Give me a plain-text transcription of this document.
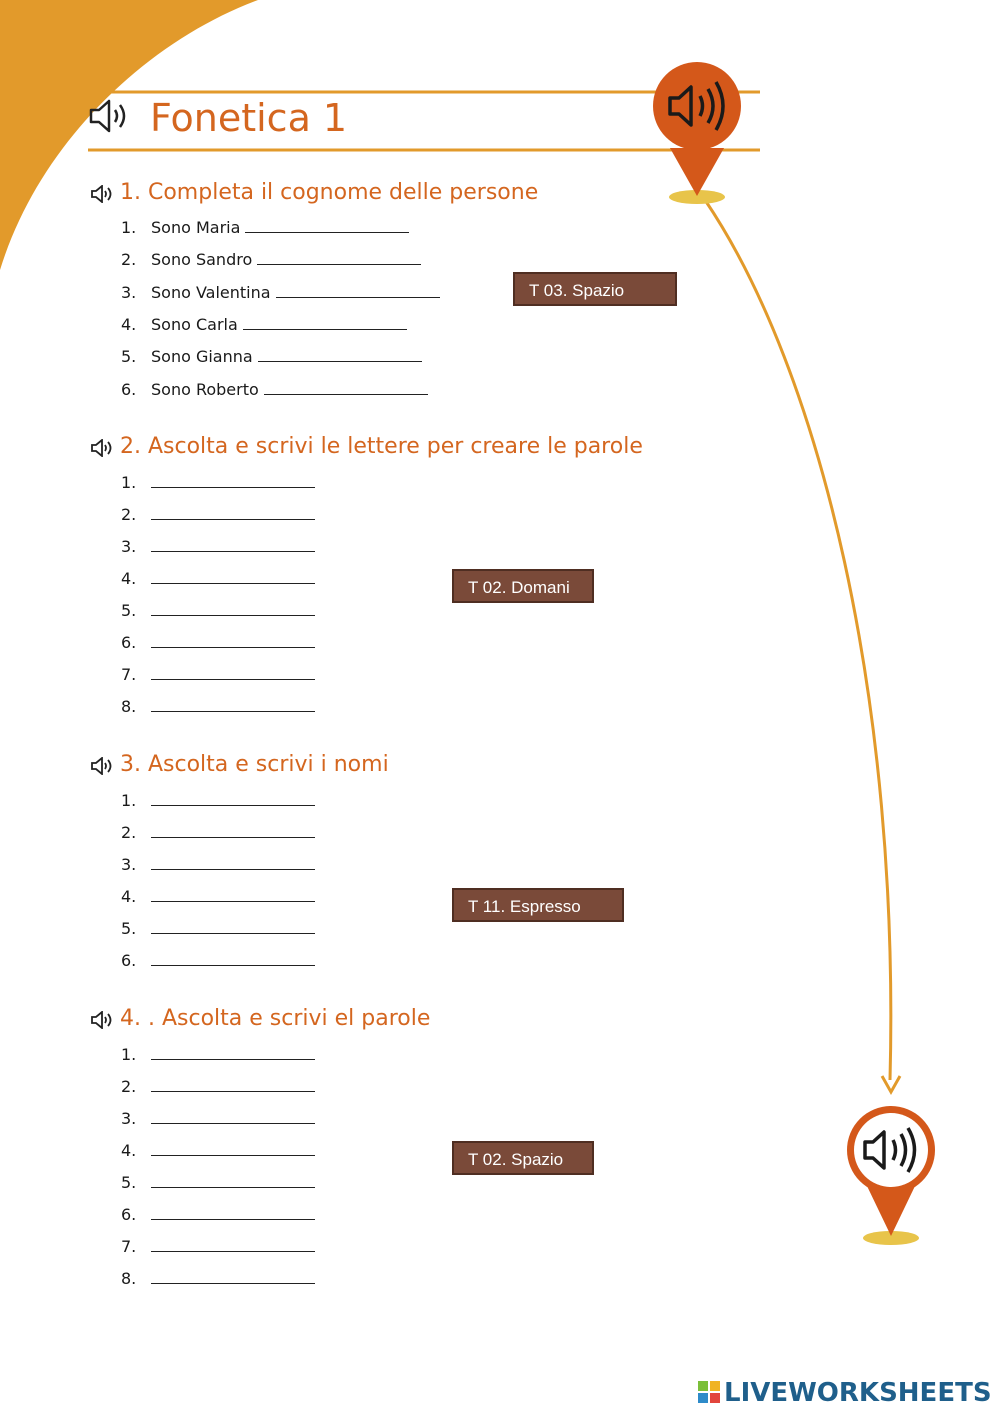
Fonetica 1
1. Completa il cognome delle persone
1. Sono Maria
2. Sono Sandro
3. Sono Valentina
4. Sono Carla
5. Sono Gianna
6. Sono Roberto
T 03. Spazio
2. Ascolta e scrivi le lettere per creare le parole
1.
2.
3.
4.
5.
6.
7.
8.
T 02. Domani
3. Ascolta e scrivi i nomi
1.
2.
3.
4.
5.
6.
T 11. Espresso
4. . Ascolta e scrivi el parole
1.
2.
3.
4.
5.
6.
7.
8.
T 02. Spazio
LIVEWORKSHEETS
